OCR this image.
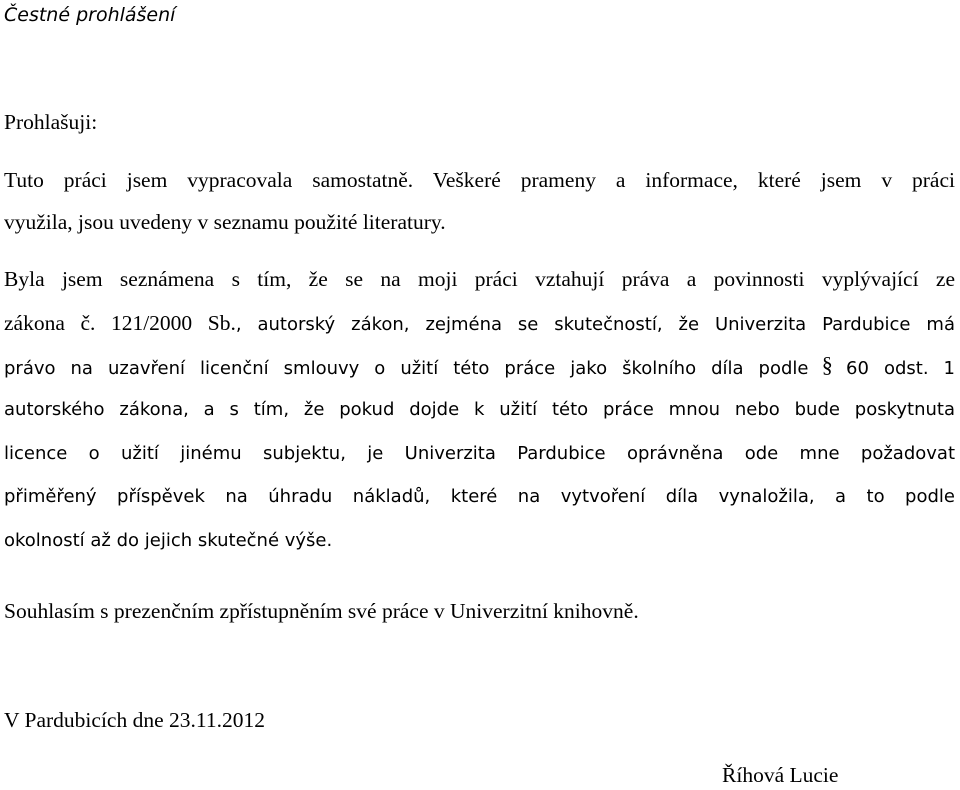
Čestné prohlášení
Prohlašuji:
Tuto práci jsem vypracovala samostatně. Veškeré prameny a informace, které jsem v práci
využila, jsou uvedeny v seznamu použité literatury.
Byla jsem seznámena s tím, že se na moji práci vztahují práva a povinnosti vyplývající ze
zákona č. 121/2000 Sb., autorský zákon, zejména se skutečností, že Univerzita Pardubice má
právo na uzavření licenční smlouvy o užití této práce jako školního díla podle § 60 odst. 1
autorského zákona, a s tím, že pokud dojde k užití této práce mnou nebo bude poskytnuta
licence o užití jinému subjektu, je Univerzita Pardubice oprávněna ode mne požadovat
přiměřený příspěvek na úhradu nákladů, které na vytvoření díla vynaložila, a to podle
okolností až do jejich skutečné výše.
Souhlasím s prezenčním zpřístupněním své práce v Univerzitní knihovně.
V Pardubicích dne 23.11.2012
Říhová Lucie
